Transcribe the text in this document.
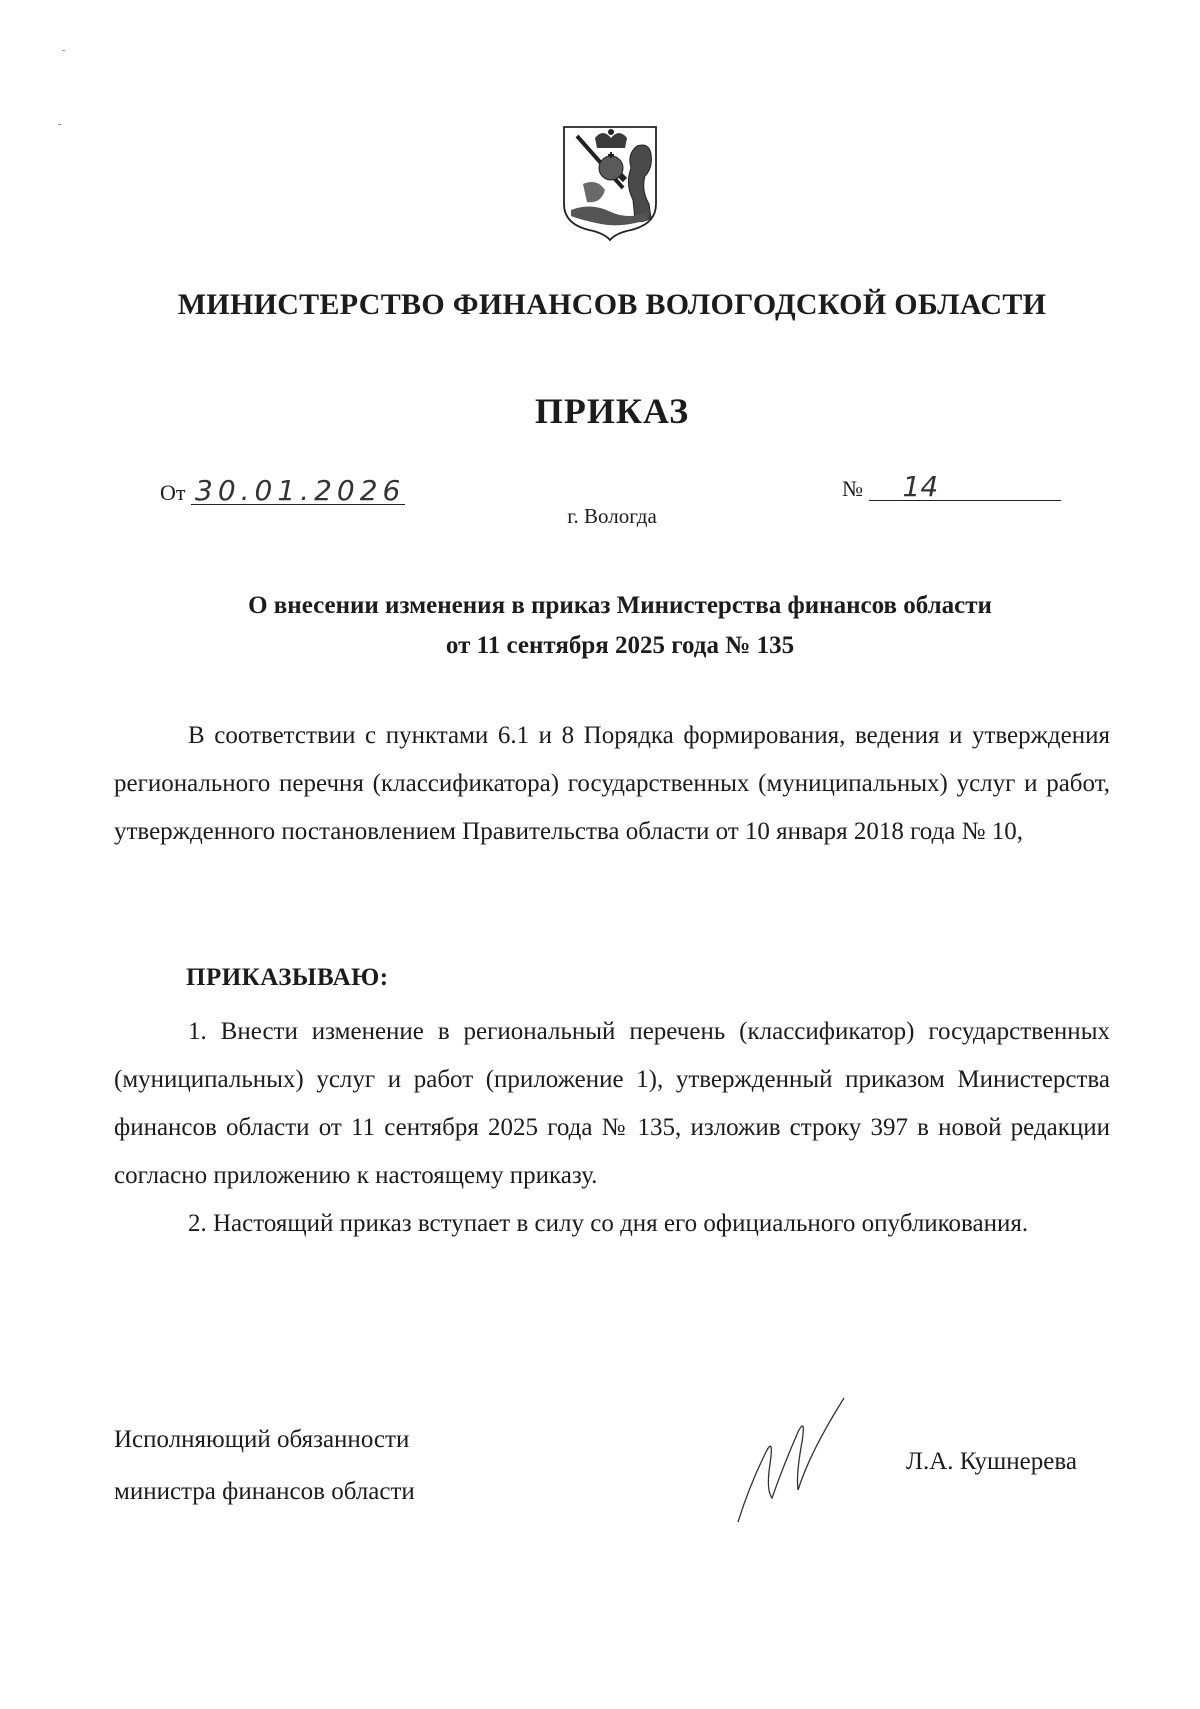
МИНИСТЕРСТВО ФИНАНСОВ ВОЛОГОДСКОЙ ОБЛАСТИ
ПРИКАЗ
От 30.01.2026	№ 14
г. Вологда
О внесении изменения в приказ Министерства финансов области
от 11 сентября 2025 года № 135

В соответствии с пунктами 6.1 и 8 Порядка формирования, ведения и утверждения регионального перечня (классификатора) государственных (муниципальных) услуг и работ, утвержденного постановлением Правительства области от 10 января 2018 года № 10,

ПРИКАЗЫВАЮ:

1. Внести изменение в региональный перечень (классификатор) государственных (муниципальных) услуг и работ (приложение 1), утвержденный приказом Министерства финансов области от 11 сентября 2025 года № 135, изложив строку 397 в новой редакции согласно приложению к настоящему приказу.

2. Настоящий приказ вступает в силу со дня его официального опубликования.

Исполняющий обязанности
министра финансов области
Л.А. Кушнерева
